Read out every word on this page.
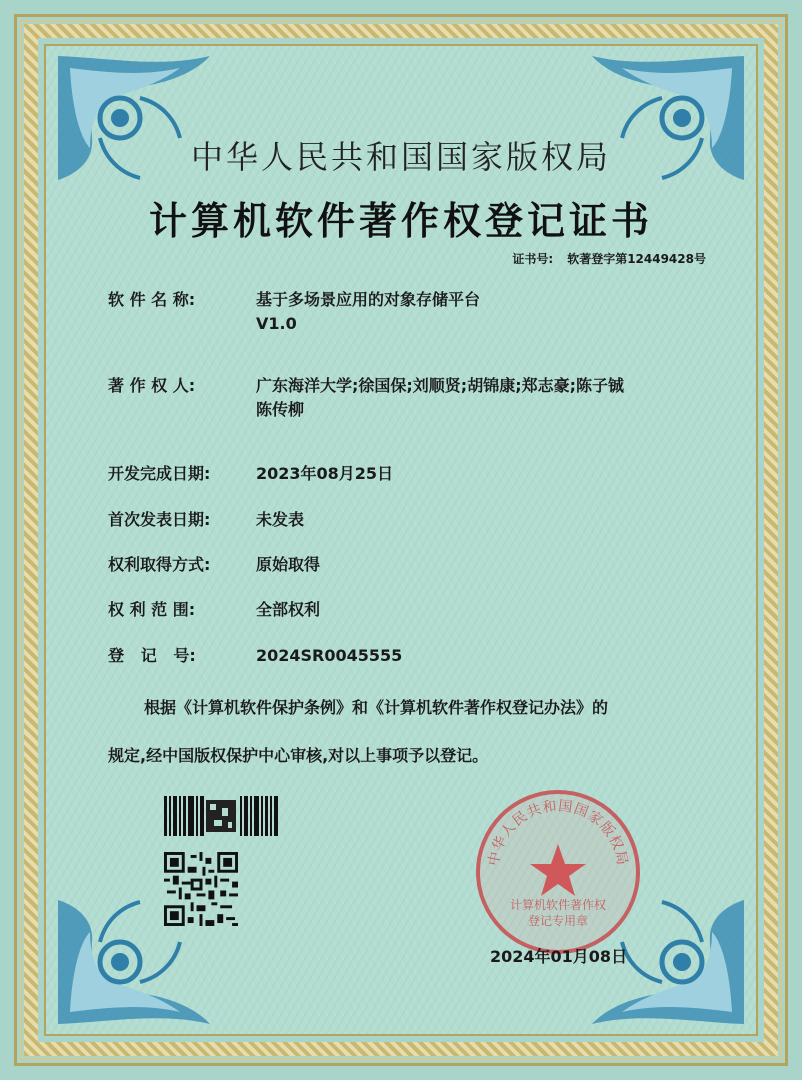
中华人民共和国国家版权局
计算机软件著作权登记证书
证书号: 软著登字第12449428号
软 件 名 称:	基于多场景应用的对象存储平台
V1.0
著 作 权 人:	广东海洋大学;徐国保;刘顺贤;胡锦康;郑志豪;陈子铖
陈传柳
开发完成日期:	2023年08月25日
首次发表日期:	未发表
权利取得方式:	原始取得
权 利 范 围:	全部权利
登   记   号:	2024SR0045555
根据《计算机软件保护条例》和《计算机软件著作权登记办法》的
规定,经中国版权保护中心审核,对以上事项予以登记。
中华人民共和国国家版权局
计算机软件著作权
登记专用章
2024年01月08日
